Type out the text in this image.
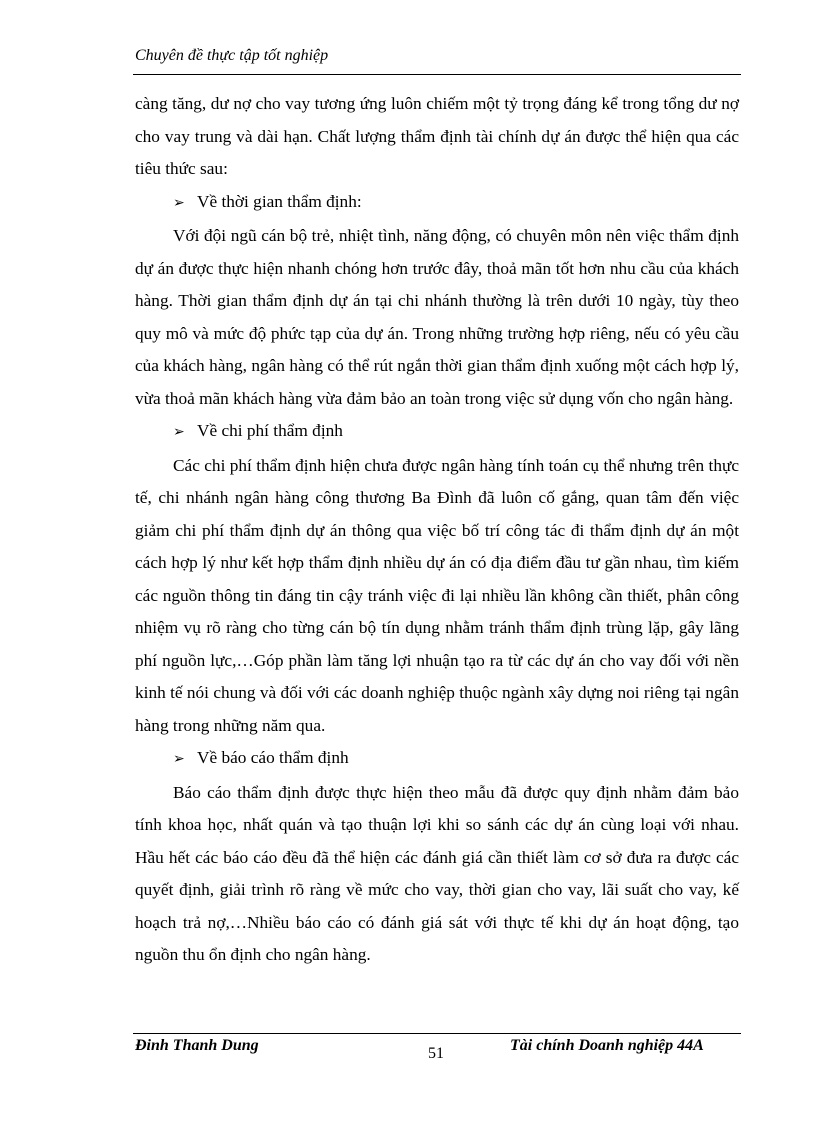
Chuyên đề thực tập tốt nghiệp

càng tăng, dư nợ cho vay tương ứng luôn chiếm một tỷ trọng đáng kể trong tổng dư nợ cho vay trung và dài hạn. Chất lượng thẩm định tài chính dự án được thể hiện qua các tiêu thức sau:

➢ Về thời gian thẩm định:

Với đội ngũ cán bộ trẻ, nhiệt tình, năng động, có chuyên môn nên việc thẩm định dự án được thực hiện nhanh chóng hơn trước đây, thoả mãn tốt hơn nhu cầu của khách hàng. Thời gian thẩm định dự án tại chi nhánh thường là trên dưới 10 ngày, tùy theo quy mô và mức độ phức tạp của dự án. Trong những trường hợp riêng, nếu có yêu cầu của khách hàng, ngân hàng có thể rút ngắn thời gian thẩm định xuống một cách hợp lý, vừa thoả mãn khách hàng vừa đảm bảo an toàn trong việc sử dụng vốn cho ngân hàng.

➢ Về chi phí thẩm định

Các chi phí thẩm định hiện chưa được ngân hàng tính toán cụ thể nhưng trên thực tế, chi nhánh ngân hàng công thương Ba Đình đã luôn cố gắng, quan tâm đến việc giảm chi phí thẩm định dự án thông qua việc bố trí công tác đi thẩm định dự án một cách hợp lý như kết hợp thẩm định nhiều dự án có địa điểm đầu tư gần nhau, tìm kiếm các nguồn thông tin đáng tin cậy tránh việc đi lại nhiều lần không cần thiết, phân công nhiệm vụ rõ ràng cho từng cán bộ tín dụng nhằm tránh thẩm định trùng lặp, gây lãng phí nguồn lực,…Góp phần làm tăng lợi nhuận tạo ra từ các dự án cho vay đối với nền kinh tế nói chung và đối với các doanh nghiệp thuộc ngành xây dựng noi riêng tại ngân hàng trong những năm qua.

➢ Về báo cáo thẩm định

Báo cáo thẩm định được thực hiện theo mẫu đã được quy định nhằm đảm bảo tính khoa học, nhất quán và tạo thuận lợi khi so sánh các dự án cùng loại với nhau. Hầu hết các báo cáo đều đã thể hiện các đánh giá cần thiết làm cơ sở đưa ra được các quyết định, giải trình rõ ràng về mức cho vay, thời gian cho vay, lãi suất cho vay, kế hoạch trả nợ,…Nhiều báo cáo có đánh giá sát với thực tế khi dự án hoạt động, tạo nguồn thu ổn định cho ngân hàng.

Đinh Thanh Dung	51	Tài chính Doanh nghiệp 44A
